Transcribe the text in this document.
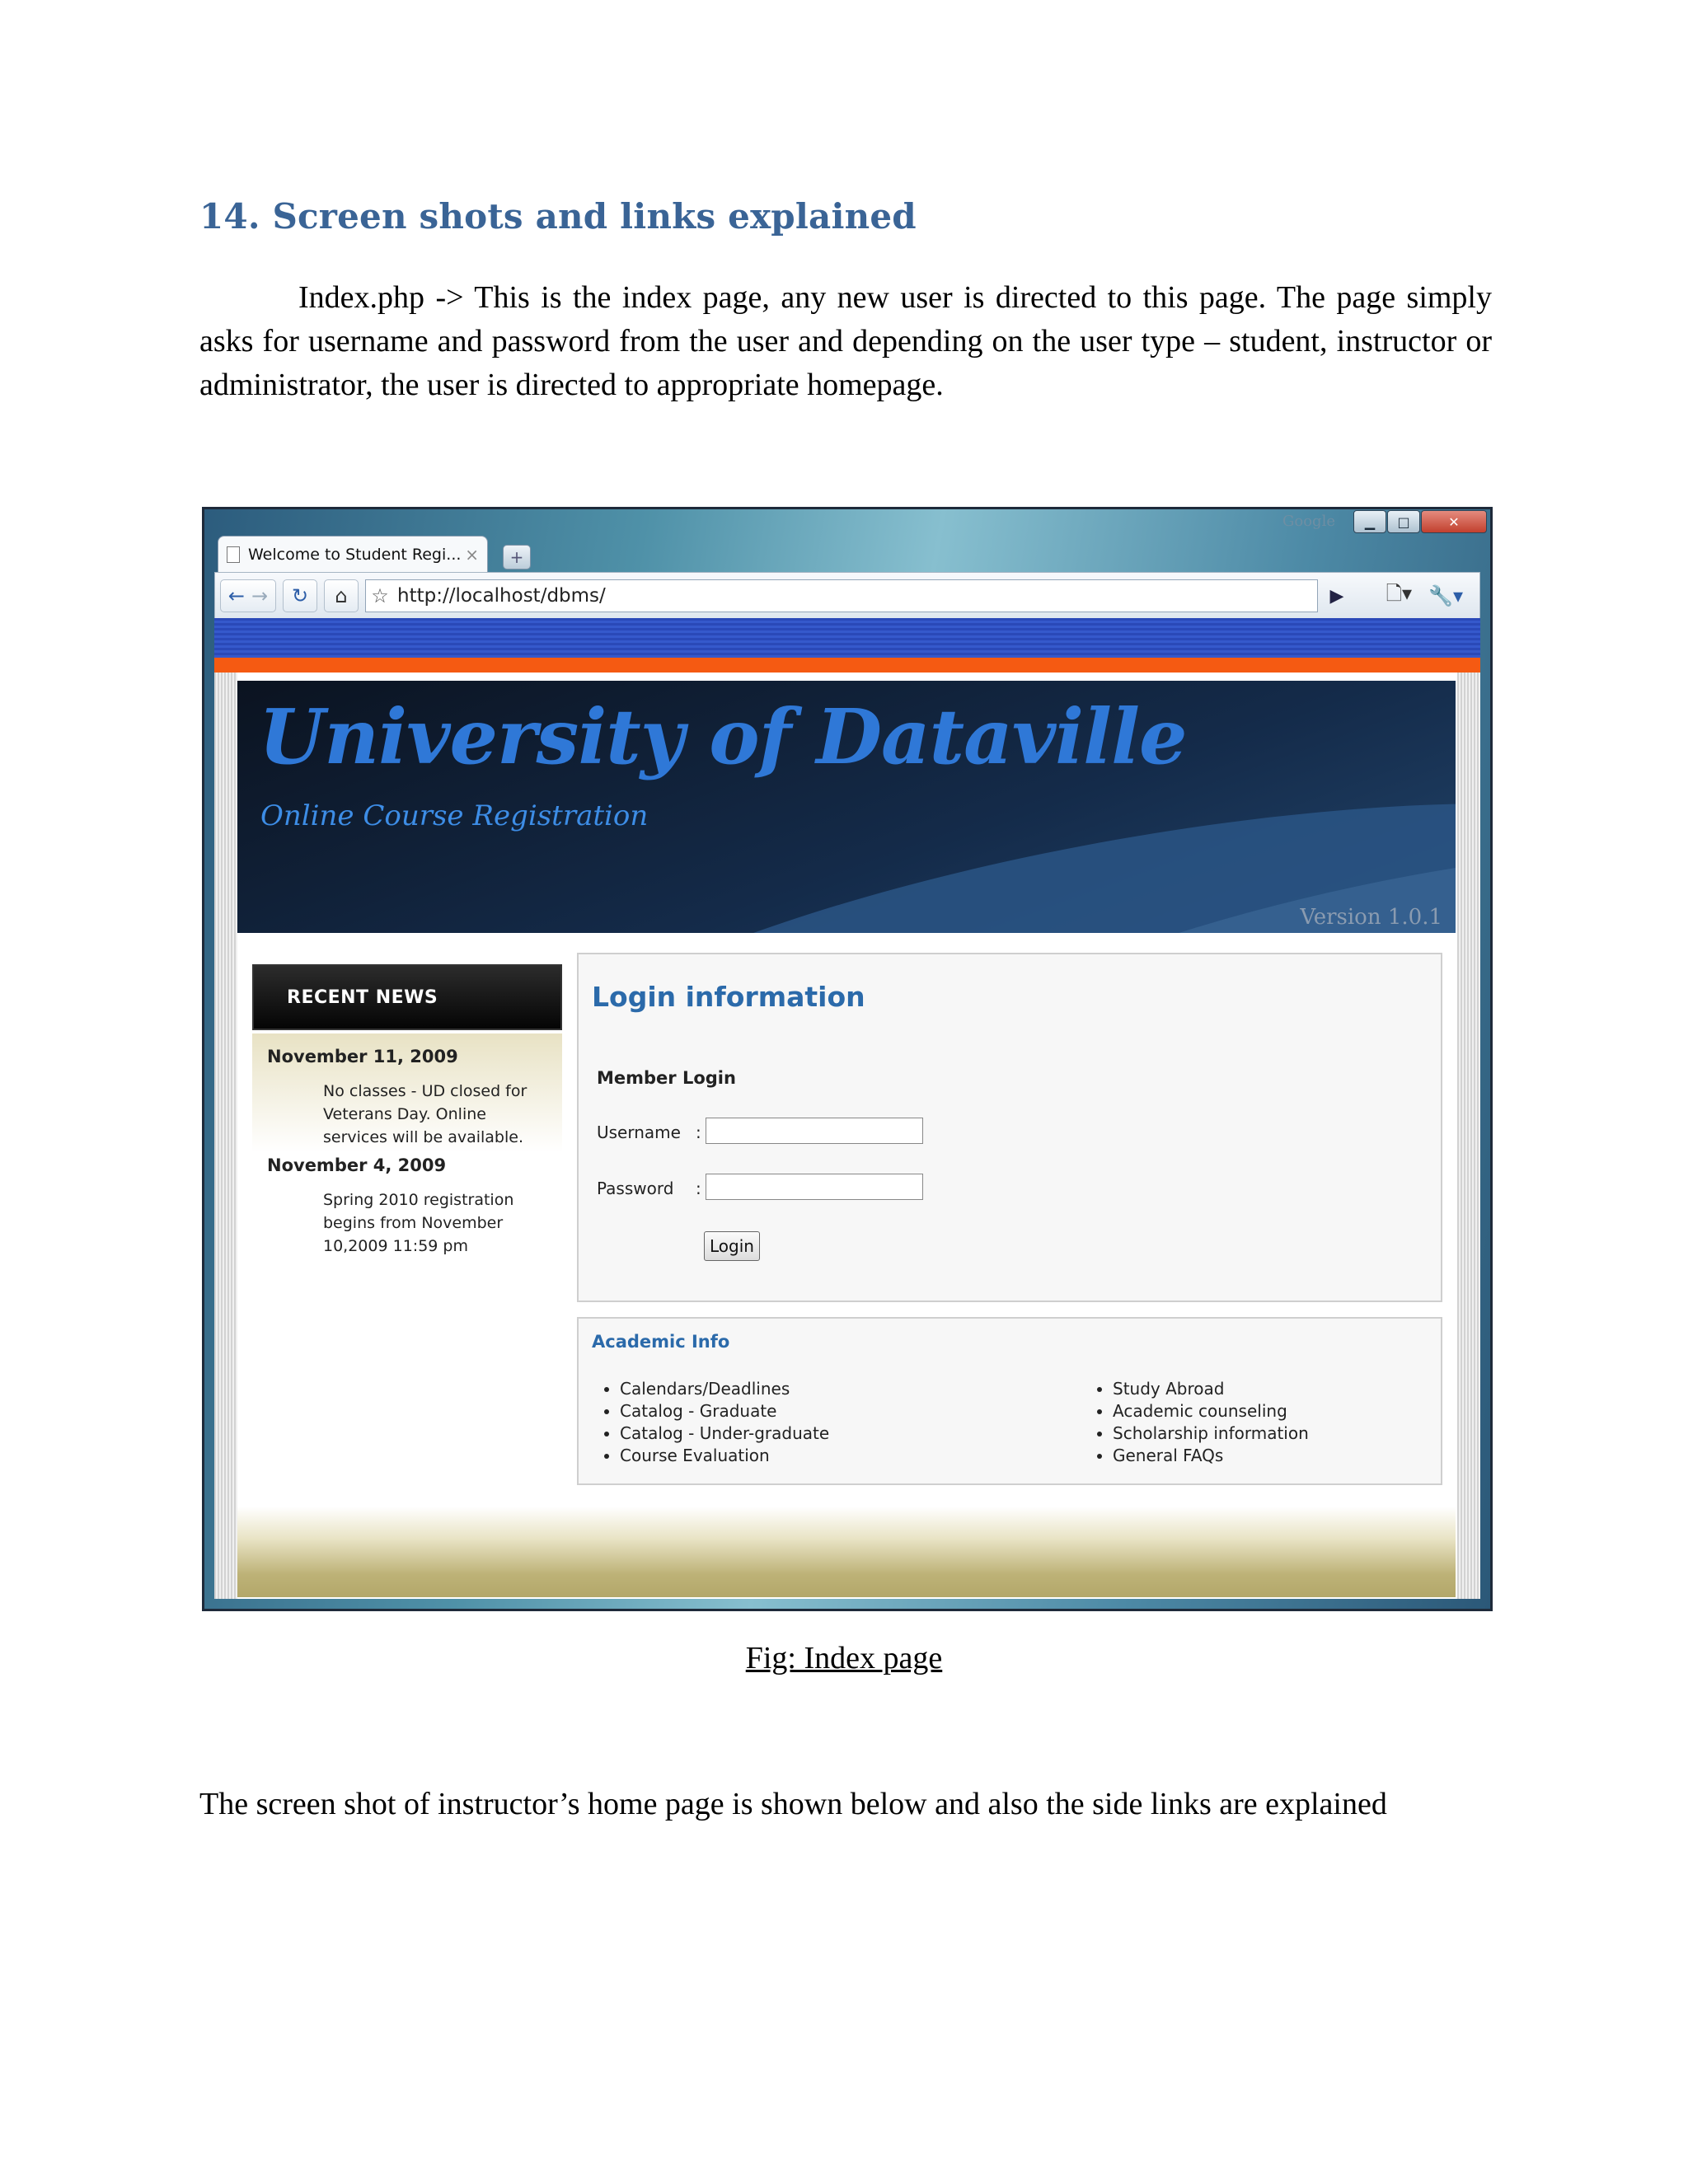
14. Screen shots and links explained

Index.php -> This is the index page, any new user is directed to this page. The page simply asks for username and password from the user and depending on the user type – student, instructor or administrator, the user is directed to appropriate homepage.

Google	▁	□	✕
Welcome to Student Regi... ×	+
← →	↻	⌂	☆ http://localhost/dbms/	▶	🗋▾ 🔧▾
University of Dataville
Online Course Registration
Version 1.0.1
RECENT NEWS
November 11, 2009
No classes - UD closed for Veterans Day. Online services will be available.
November 4, 2009
Spring 2010 registration begins from November 10,2009 11:59 pm
Login information
Member Login
Username :
Password :
Login
Academic Info
• Calendars/Deadlines
• Catalog - Graduate
• Catalog - Under-graduate
• Course Evaluation
• Study Abroad
• Academic counseling
• Scholarship information
• General FAQs
Fig: Index page

The screen shot of instructor’s home page is shown below and also the side links are explained
